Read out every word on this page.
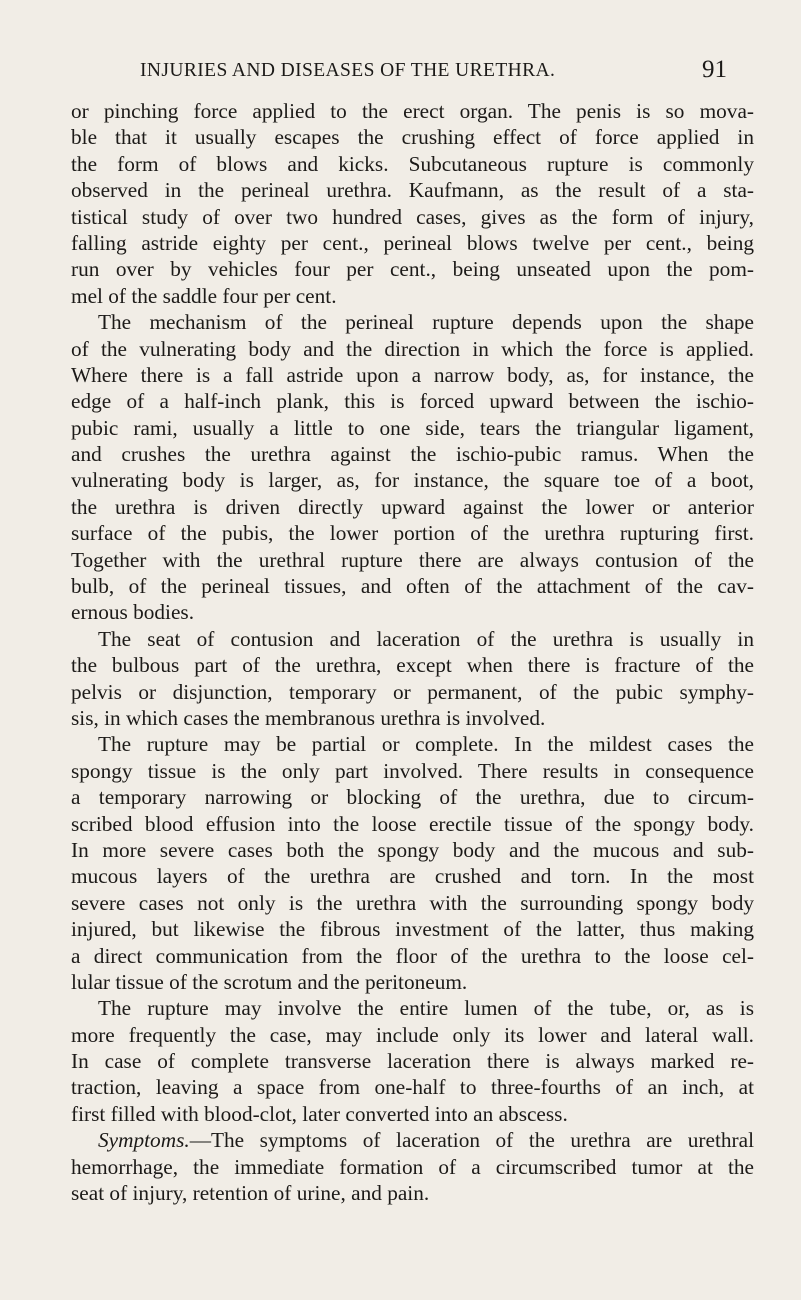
INJURIES AND DISEASES OF THE URETHRA.	91
or pinching force applied to the erect organ. The penis is so mova-
ble that it usually escapes the crushing effect of force applied in
the form of blows and kicks. Subcutaneous rupture is commonly
observed in the perineal urethra. Kaufmann, as the result of a sta-
tistical study of over two hundred cases, gives as the form of injury,
falling astride eighty per cent., perineal blows twelve per cent., being
run over by vehicles four per cent., being unseated upon the pom-
mel of the saddle four per cent.
The mechanism of the perineal rupture depends upon the shape
of the vulnerating body and the direction in which the force is applied.
Where there is a fall astride upon a narrow body, as, for instance, the
edge of a half-inch plank, this is forced upward between the ischio-
pubic rami, usually a little to one side, tears the triangular ligament,
and crushes the urethra against the ischio-pubic ramus. When the
vulnerating body is larger, as, for instance, the square toe of a boot,
the urethra is driven directly upward against the lower or anterior
surface of the pubis, the lower portion of the urethra rupturing first.
Together with the urethral rupture there are always contusion of the
bulb, of the perineal tissues, and often of the attachment of the cav-
ernous bodies.
The seat of contusion and laceration of the urethra is usually in
the bulbous part of the urethra, except when there is fracture of the
pelvis or disjunction, temporary or permanent, of the pubic symphy-
sis, in which cases the membranous urethra is involved.
The rupture may be partial or complete. In the mildest cases the
spongy tissue is the only part involved. There results in consequence
a temporary narrowing or blocking of the urethra, due to circum-
scribed blood effusion into the loose erectile tissue of the spongy body.
In more severe cases both the spongy body and the mucous and sub-
mucous layers of the urethra are crushed and torn. In the most
severe cases not only is the urethra with the surrounding spongy body
injured, but likewise the fibrous investment of the latter, thus making
a direct communication from the floor of the urethra to the loose cel-
lular tissue of the scrotum and the peritoneum.
The rupture may involve the entire lumen of the tube, or, as is
more frequently the case, may include only its lower and lateral wall.
In case of complete transverse laceration there is always marked re-
traction, leaving a space from one-half to three-fourths of an inch, at
first filled with blood-clot, later converted into an abscess.
Symptoms.—The symptoms of laceration of the urethra are urethral
hemorrhage, the immediate formation of a circumscribed tumor at the
seat of injury, retention of urine, and pain.
